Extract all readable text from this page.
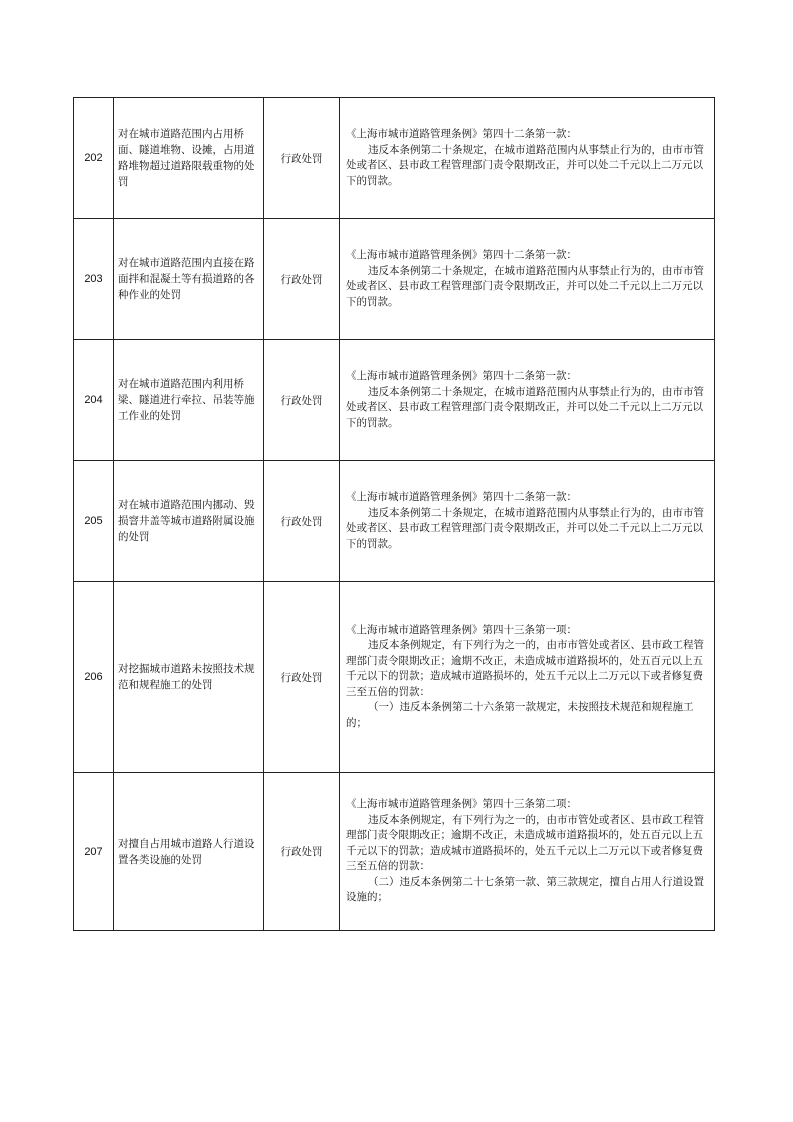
202	对在城市道路范围内占用桥面、隧道堆物、设摊，占用道路堆物超过道路限载重物的处罚	行政处罚	《上海市城市道路管理条例》第四十二条第一款：

违反本条例第二十条规定，在城市道路范围内从事禁止行为的，由市市管处或者区、县市政工程管理部门责令限期改正，并可以处二千元以上二万元以下的罚款。

203	对在城市道路范围内直接在路面拌和混凝土等有损道路的各种作业的处罚	行政处罚	《上海市城市道路管理条例》第四十二条第一款：

违反本条例第二十条规定，在城市道路范围内从事禁止行为的，由市市管处或者区、县市政工程管理部门责令限期改正，并可以处二千元以上二万元以下的罚款。

204	对在城市道路范围内利用桥梁、隧道进行牵拉、吊装等施工作业的处罚	行政处罚	《上海市城市道路管理条例》第四十二条第一款：

违反本条例第二十条规定，在城市道路范围内从事禁止行为的，由市市管处或者区、县市政工程管理部门责令限期改正，并可以处二千元以上二万元以下的罚款。

205	对在城市道路范围内挪动、毁损窨井盖等城市道路附属设施的处罚	行政处罚	《上海市城市道路管理条例》第四十二条第一款：

违反本条例第二十条规定，在城市道路范围内从事禁止行为的，由市市管处或者区、县市政工程管理部门责令限期改正，并可以处二千元以上二万元以下的罚款。

206	对挖掘城市道路未按照技术规范和规程施工的处罚	行政处罚	《上海市城市道路管理条例》第四十三条第一项：

违反本条例规定，有下列行为之一的，由市市管处或者区、县市政工程管理部门责令限期改正；逾期不改正，未造成城市道路损坏的，处五百元以上五千元以下的罚款；造成城市道路损坏的，处五千元以上二万元以下或者修复费三至五倍的罚款：

（一）违反本条例第二十六条第一款规定，未按照技术规范和规程施工的；

207	对擅自占用城市道路人行道设置各类设施的处罚	行政处罚	《上海市城市道路管理条例》第四十三条第二项：

违反本条例规定，有下列行为之一的，由市市管处或者区、县市政工程管理部门责令限期改正；逾期不改正，未造成城市道路损坏的，处五百元以上五千元以下的罚款；造成城市道路损坏的，处五千元以上二万元以下或者修复费三至五倍的罚款：

（二）违反本条例第二十七条第一款、第三款规定，擅自占用人行道设置设施的；
